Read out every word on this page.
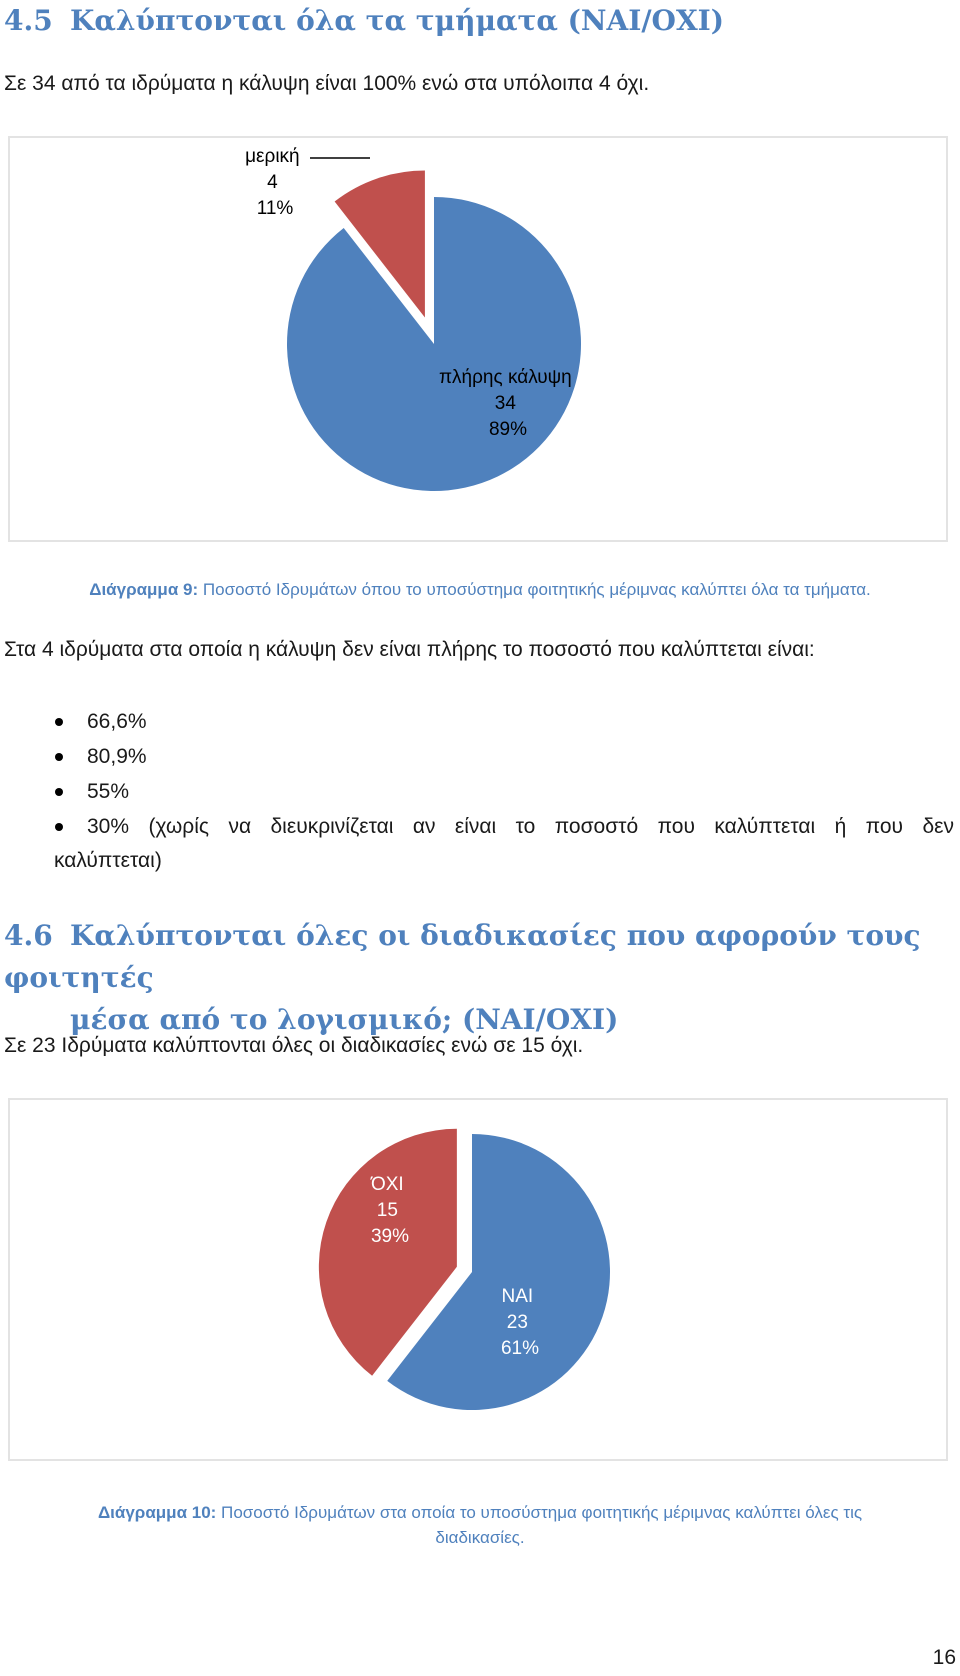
4.5 Καλύπτονται όλα τα τμήματα (ΝΑΙ/ΟΧΙ)

Σε 34 από τα ιδρύματα η κάλυψη είναι 100% ενώ στα υπόλοιπα 4 όχι.

μερική 4 11%
πλήρης κάλυψη 34 89%

Διάγραμμα 9: Ποσοστό Ιδρυμάτων όπου το υποσύστημα φοιτητικής μέριμνας καλύπτει όλα τα τμήματα.

Στα 4 ιδρύματα στα οποία η κάλυψη δεν είναι πλήρης το ποσοστό που καλύπτεται είναι:

66,6%
80,9%
55%
30% (χωρίς να διευκρινίζεται αν είναι το ποσοστό που καλύπτεται ή που δεν
καλύπτεται)
4.6 Καλύπτονται όλες οι διαδικασίες που αφορούν τους φοιτητές
μέσα από το λογισμικό; (ΝΑΙ/ΟΧΙ)

Σε 23 Ιδρύματα καλύπτονται όλες οι διαδικασίες ενώ σε 15 όχι.

ΌΧΙ 15 39%
ΝΑΙ 23 61%

Διάγραμμα 10: Ποσοστό Ιδρυμάτων στα οποία το υποσύστημα φοιτητικής μέριμνας καλύπτει όλες τις
διαδικασίες.

16
